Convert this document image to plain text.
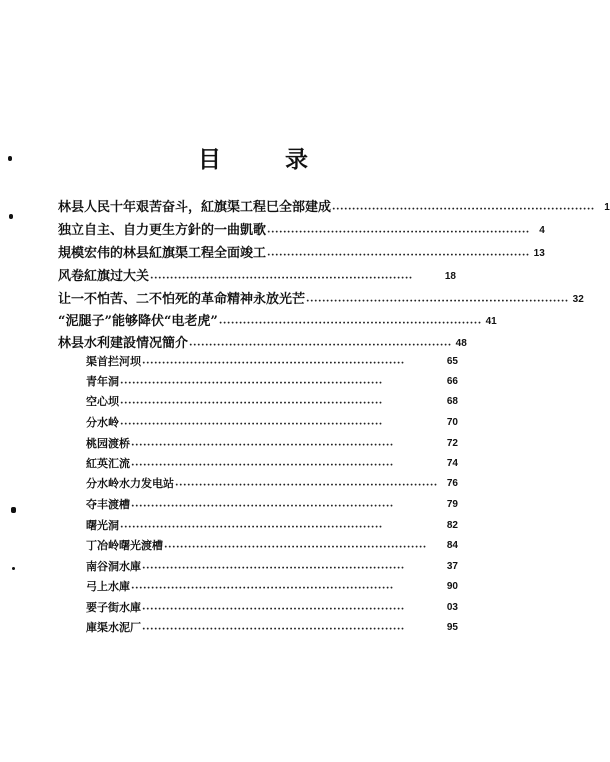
目 录
林县人民十年艰苦奋斗，紅旗渠工程巳全部建成 ·································································· 1
独立自主、自力更生方針的一曲凱歌 ·································································· 4
規模宏伟的林县紅旗渠工程全面竣工 ·································································· 13
风卷紅旗过大关 ··································································	18
让一不怕苦、二不怕死的革命精神永放光芒 ·································································· 32
“泥腿子”能够降伏“电老虎” ·································································· 41
林县水利建設情况簡介 ·································································· 48
渠首拦河坝 ··································································	65
青年洞 ··································································	66
空心坝 ··································································	68
分水岭 ··································································	70
桃园渡桥 ··································································	72
紅英汇流 ··································································	74
分水岭水力发电站 ·································································· 76
夺丰渡槽 ··································································	79
曙光洞 ··································································	82
丁冶岭曙光渡槽 ··································································	84
南谷洞水庫 ··································································	37
弓上水庫 ··································································	90
要子街水庫 ··································································	03
庫渠水泥厂 ··································································	95
